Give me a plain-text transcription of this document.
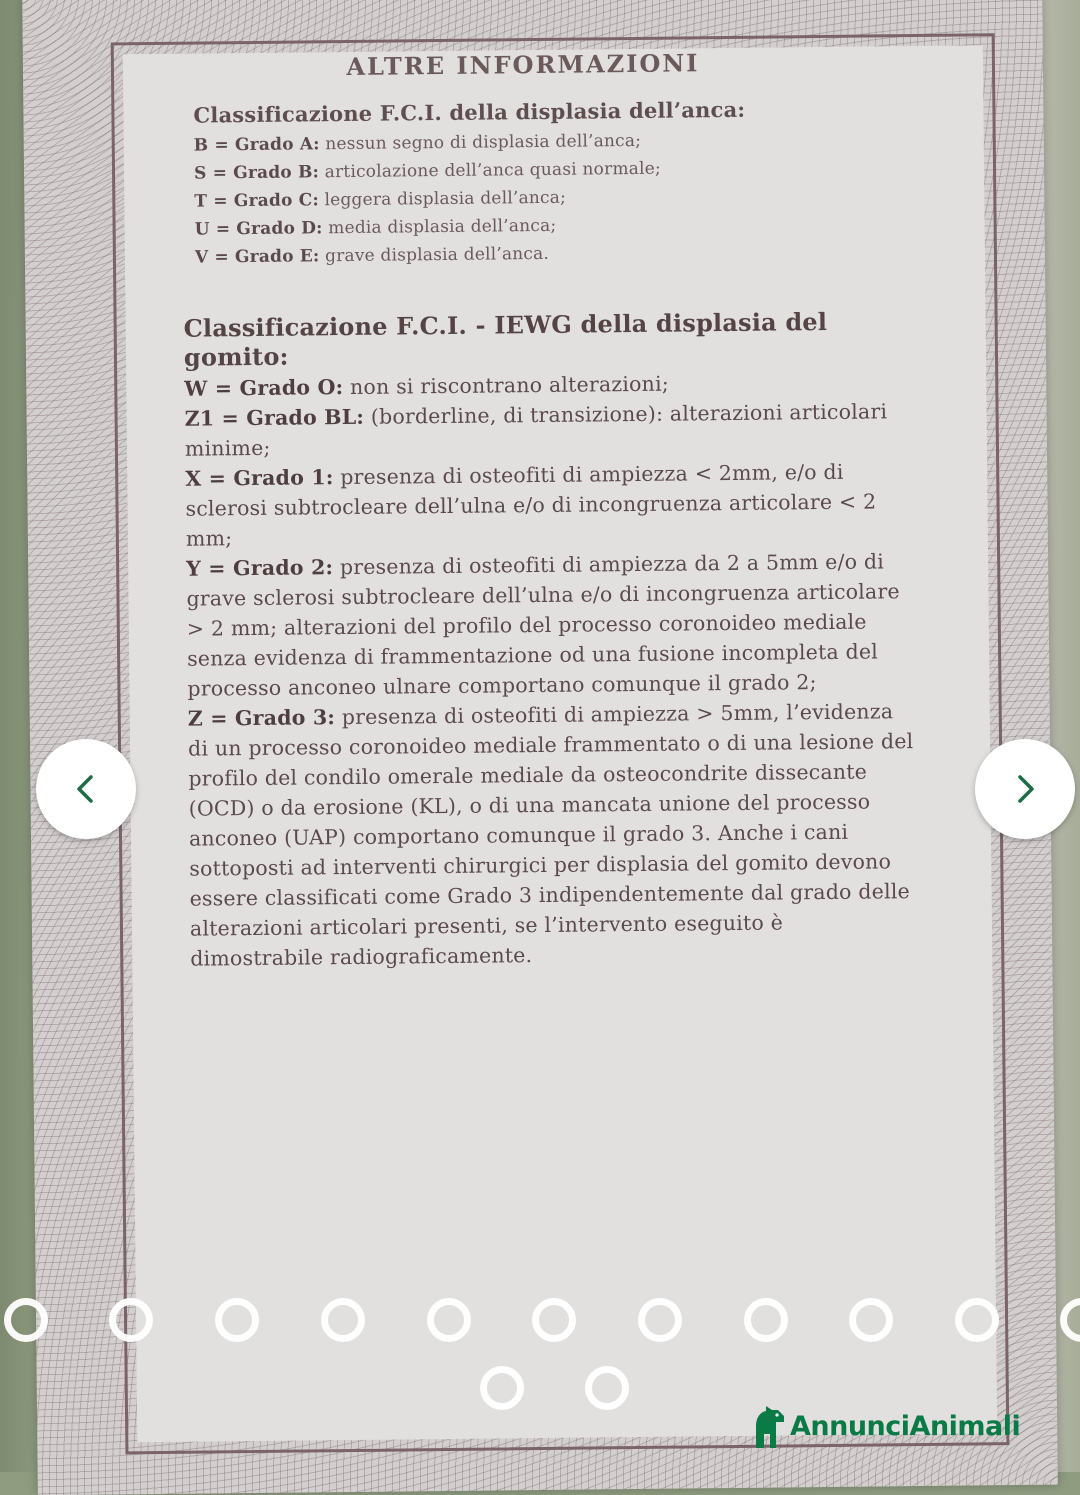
ALTRE INFORMAZIONI

Classificazione F.C.I. della displasia dell’anca:

B = Grado A: nessun segno di displasia dell’anca;

S = Grado B: articolazione dell’anca quasi normale;

T = Grado C: leggera displasia dell’anca;

U = Grado D: media displasia dell’anca;

V = Grado E: grave displasia dell’anca.

Classificazione F.C.I. - IEWG della displasia del gomito:

W = Grado O: non si riscontrano alterazioni;

Z1 = Grado BL: (borderline, di transizione): alterazioni articolari minime;

X = Grado 1: presenza di osteofiti di ampiezza < 2mm, e/o di sclerosi subtrocleare dell’ulna e/o di incongruenza articolare < 2 mm;

Y = Grado 2: presenza di osteofiti di ampiezza da 2 a 5mm e/o di grave sclerosi subtrocleare dell’ulna e/o di incongruenza articolare > 2 mm; alterazioni del profilo del processo coronoideo mediale senza evidenza di frammentazione od una fusione incompleta del processo anconeo ulnare comportano comunque il grado 2;

Z = Grado 3: presenza di osteofiti di ampiezza > 5mm, l’evidenza di un processo coronoideo mediale frammentato o di una lesione del profilo del condilo omerale mediale da osteocondrite dissecante (OCD) o da erosione (KL), o di una mancata unione del processo anconeo (UAP) comportano comunque il grado 3. Anche i cani sottoposti ad interventi chirurgici per displasia del gomito devono essere classificati come Grado 3 indipendentemente dal grado delle alterazioni articolari presenti, se l’intervento eseguito è dimostrabile radiograficamente.

AnnunciAnimali
